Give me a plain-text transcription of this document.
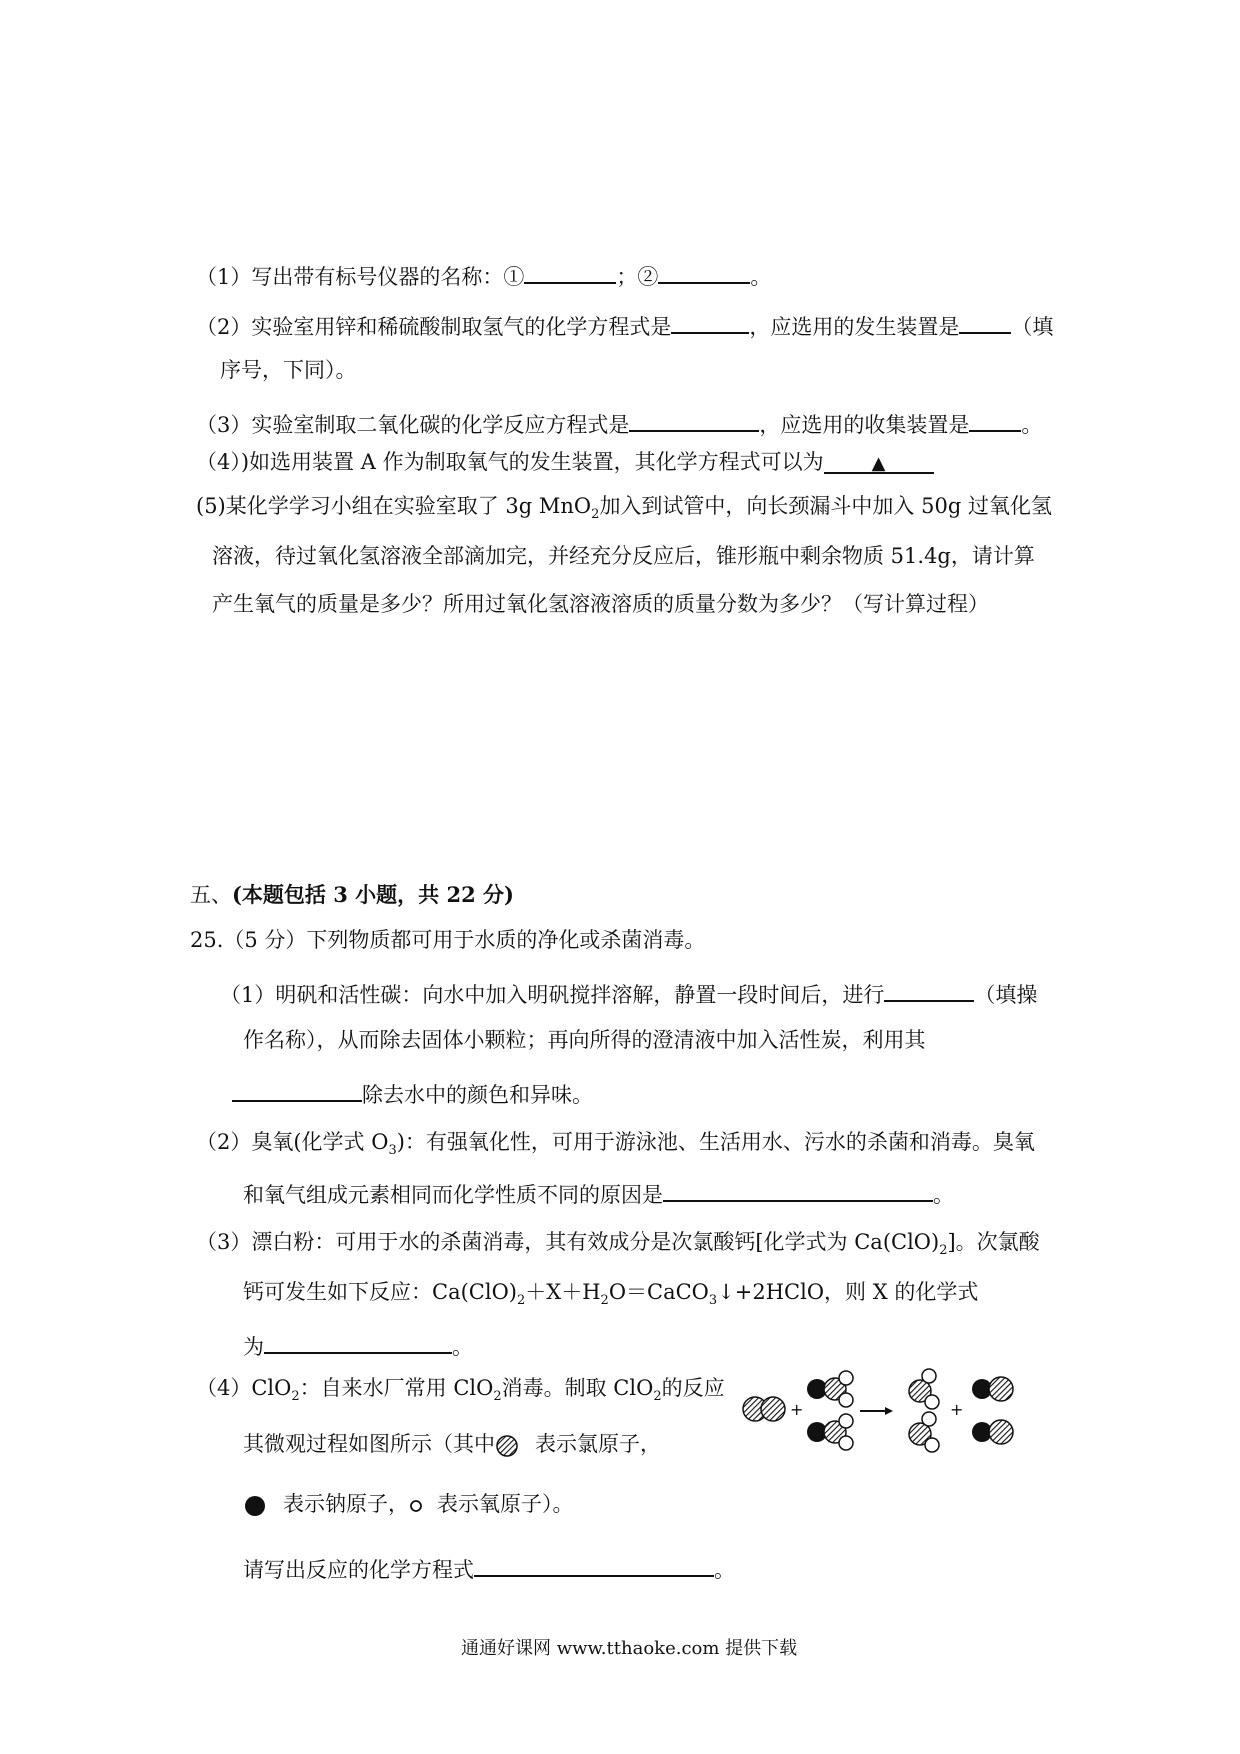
（1）写出带有标号仪器的名称：①	；②	。
（2）实验室用锌和稀硫酸制取氢气的化学方程式是	，应选用的发生装置是 （填
序号，下同）。
（3）实验室制取二氧化碳的化学反应方程式是	，应选用的收集装置是 。
（4）)如选用装置 A 作为制取氧气的发生装置，其化学方程式可以为	▲
(5)某化学学习小组在实验室取了 3g MnO$_2$加入到试管中，向长颈漏斗中加入 50g 过氧化氢
溶液，待过氧化氢溶液全部滴加完，并经充分反应后，锥形瓶中剩余物质 51.4g，请计算
产生氧气的质量是多少？所用过氧化氢溶液溶质的质量分数为多少？（写计算过程）
五、(本题包括 3 小题，共 22 分)
25.（5 分）下列物质都可用于水质的净化或杀菌消毒。
（1）明矾和活性碳：向水中加入明矾搅拌溶解，静置一段时间后，进行	（填操
作名称），从而除去固体小颗粒；再向所得的澄清液中加入活性炭，利用其
除去水中的颜色和异味。
（2）臭氧(化学式 $O_3$)：有强氧化性，可用于游泳池、生活用水、污水的杀菌和消毒。臭氧
和氧气组成元素相同而化学性质不同的原因是	。
（3）漂白粉：可用于水的杀菌消毒，其有效成分是次氯酸钙[化学式为 $Ca(ClO)_2$]。次氯酸
钙可发生如下反应：$Ca(ClO)_2+X+H_2O=CaCO_3↓+2HClO$，则 X 的化学式
为	。
（4）ClO$_2$：自来水厂常用 ClO$_2$消毒。制取 ClO$_2$的反应
其微观过程如图所示（其中 表示氯原子，
表示钠原子， 表示氧原子）。
请写出反应的化学方程式	。
+	+
通通好课网 www.tthaoke.com 提供下载
